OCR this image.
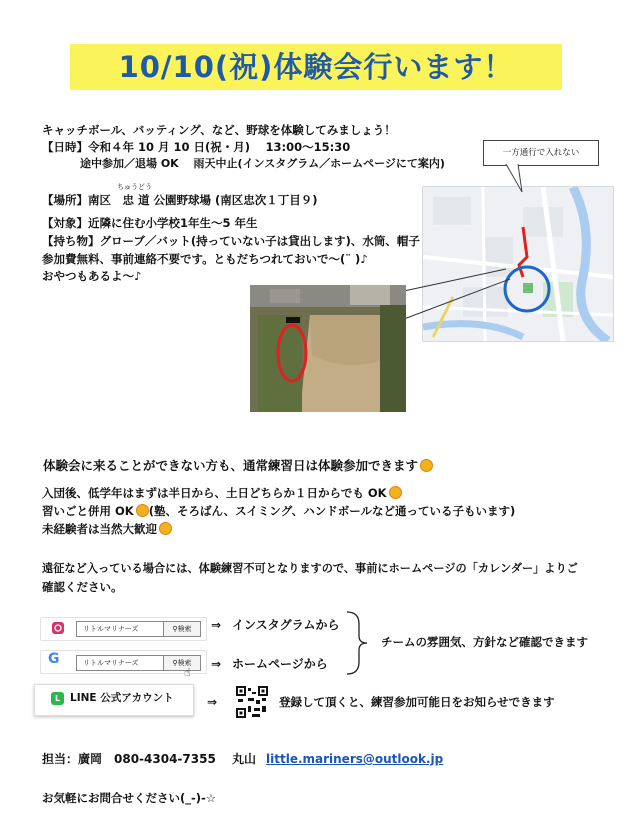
10/10(祝)体験会行います！
キャッチボール、バッティング、など、野球を体験してみましょう！
【日時】令和４年 10 月 10 日(祝・月)　 13:00～15:30
途中参加／退場 OK　 雨天中止(インスタグラム／ホームページにて案内)
ちゅうどう
【場所】南区　忠 道 公園野球場 (南区忠次１丁目９)
【対象】近隣に住む小学校1年生～5 年生
【持ち物】グローブ／バット(持っていない子は貸出します)、水筒、帽子
参加費無料、事前連絡不要です。ともだちつれておいで～(¨ )♪
おやつもあるよ～♪
一方通行で入れない
体験会に来ることができない方も、通常練習日は体験参加できます
入団後、低学年はまずは半日から、土日どちらか１日からでも OK
習いごと併用 OK (塾、そろばん、スイミング、ハンドボールなど通っている子もいます)
未経験者は当然大歓迎
遠征など入っている場合には、体験練習不可となりますので、事前にホームページの「カレンダー」よりご
確認ください。
リトルマリナーズ	⚲検索	⇒ インスタグラムから
G	リトルマリナーズ	⚲検索
☝
⇒ ホームページから
チームの雰囲気、方針など確認できます
L LINE 公式アカウント	⇒	登録して頂くと、練習参加可能日をお知らせできます
担当：廣岡　080-4304-7355　 丸山 little.mariners@outlook.jp
お気軽にお問合せください(_-)-☆
